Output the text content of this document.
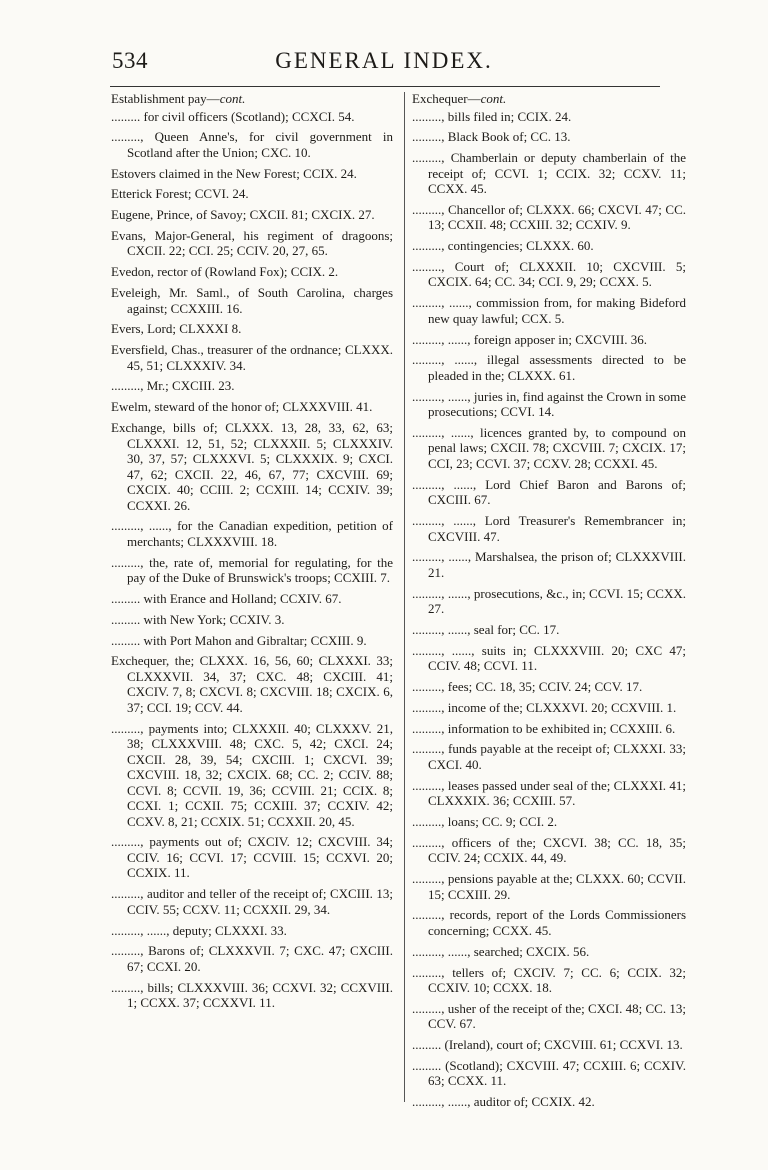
GENERAL INDEX.
534
Establishment pay—cont.

......... for civil officers (Scotland); CCXCI. 54.

........., Queen Anne's, for civil government in Scotland after the Union; CXC. 10.

Estovers claimed in the New Forest; CCIX. 24.

Etterick Forest; CCVI. 24.

Eugene, Prince, of Savoy; CXCII. 81; CXCIX. 27.

Evans, Major-General, his regiment of dragoons; CXCII. 22; CCI. 25; CCIV. 20, 27, 65.

Evedon, rector of (Rowland Fox); CCIX. 2.

Eveleigh, Mr. Saml., of South Carolina, charges against; CCXXIII. 16.

Evers, Lord; CLXXXI 8.

Eversfield, Chas., treasurer of the ordnance; CLXXX. 45, 51; CLXXXIV. 34.

........., Mr.; CXCIII. 23.

Ewelm, steward of the honor of; CLXXXVIII. 41.

Exchange, bills of; CLXXX. 13, 28, 33, 62, 63; CLXXXI. 12, 51, 52; CLXXXII. 5; CLXXXIV. 30, 37, 57; CLXXXVI. 5; CLXXXIX. 9; CXCI. 47, 62; CXCII. 22, 46, 67, 77; CXCVIII. 69; CXCIX. 40; CCIII. 2; CCXIII. 14; CCXIV. 39; CCXXI. 26.

........., ......, for the Canadian expedition, petition of merchants; CLXXXVIII. 18.

........., the, rate of, memorial for regulating, for the pay of the Duke of Brunswick's troops; CCXIII. 7.

......... with Erance and Holland; CCXIV. 67.

......... with New York; CCXIV. 3.

......... with Port Mahon and Gibraltar; CCXIII. 9.

Exchequer, the; CLXXX. 16, 56, 60; CLXXXI. 33; CLXXXVII. 34, 37; CXC. 48; CXCIII. 41; CXCIV. 7, 8; CXCVI. 8; CXCVIII. 18; CXCIX. 6, 37; CCI. 19; CCV. 44.

........., payments into; CLXXXII. 40; CLXXXV. 21, 38; CLXXXVIII. 48; CXC. 5, 42; CXCI. 24; CXCII. 28, 39, 54; CXCIII. 1; CXCVI. 39; CXCVIII. 18, 32; CXCIX. 68; CC. 2; CCIV. 88; CCVI. 8; CCVII. 19, 36; CCVIII. 21; CCIX. 8; CCXI. 1; CCXII. 75; CCXIII. 37; CCXIV. 42; CCXV. 8, 21; CCXIX. 51; CCXXII. 20, 45.

........., payments out of; CXCIV. 12; CXCVIII. 34; CCIV. 16; CCVI. 17; CCVIII. 15; CCXVI. 20; CCXIX. 11.

........., auditor and teller of the receipt of; CXCIII. 13; CCIV. 55; CCXV. 11; CCXXII. 29, 34.

........., ......, deputy; CLXXXI. 33.

........., Barons of; CLXXXVII. 7; CXC. 47; CXCIII. 67; CCXI. 20.

........., bills; CLXXXVIII. 36; CCXVI. 32; CCXVIII. 1; CCXX. 37; CCXXVI. 11.

Exchequer—cont.

........., bills filed in; CCIX. 24.

........., Black Book of; CC. 13.

........., Chamberlain or deputy chamberlain of the receipt of; CCVI. 1; CCIX. 32; CCXV. 11; CCXX. 45.

........., Chancellor of; CLXXX. 66; CXCVI. 47; CC. 13; CCXII. 48; CCXIII. 32; CCXIV. 9.

........., contingencies; CLXXX. 60.

........., Court of; CLXXXII. 10; CXCVIII. 5; CXCIX. 64; CC. 34; CCI. 9, 29; CCXX. 5.

........., ......, commission from, for making Bideford new quay lawful; CCX. 5.

........., ......, foreign apposer in; CXCVIII. 36.

........., ......, illegal assessments directed to be pleaded in the; CLXXX. 61.

........., ......, juries in, find against the Crown in some prosecutions; CCVI. 14.

........., ......, licences granted by, to compound on penal laws; CXCII. 78; CXCVIII. 7; CXCIX. 17; CCI, 23; CCVI. 37; CCXV. 28; CCXXI. 45.

........., ......, Lord Chief Baron and Barons of; CXCIII. 67.

........., ......, Lord Treasurer's Remembrancer in; CXCVIII. 47.

........., ......, Marshalsea, the prison of; CLXXXVIII. 21.

........., ......, prosecutions, &c., in; CCVI. 15; CCXX. 27.

........., ......, seal for; CC. 17.

........., ......, suits in; CLXXXVIII. 20; CXC 47; CCIV. 48; CCVI. 11.

........., fees; CC. 18, 35; CCIV. 24; CCV. 17.

........., income of the; CLXXXVI. 20; CCXVIII. 1.

........., information to be exhibited in; CCXXIII. 6.

........., funds payable at the receipt of; CLXXXI. 33; CXCI. 40.

........., leases passed under seal of the; CLXXXI. 41; CLXXXIX. 36; CCXIII. 57.

........., loans; CC. 9; CCI. 2.

........., officers of the; CXCVI. 38; CC. 18, 35; CCIV. 24; CCXIX. 44, 49.

........., pensions payable at the; CLXXX. 60; CCVII. 15; CCXIII. 29.

........., records, report of the Lords Commissioners concerning; CCXX. 45.

........., ......, searched; CXCIX. 56.

........., tellers of; CXCIV. 7; CC. 6; CCIX. 32; CCXIV. 10; CCXX. 18.

........., usher of the receipt of the; CXCI. 48; CC. 13; CCV. 67.

......... (Ireland), court of; CXCVIII. 61; CCXVI. 13.

......... (Scotland); CXCVIII. 47; CCXIII. 6; CCXIV. 63; CCXX. 11.

........., ......, auditor of; CCXIX. 42.
